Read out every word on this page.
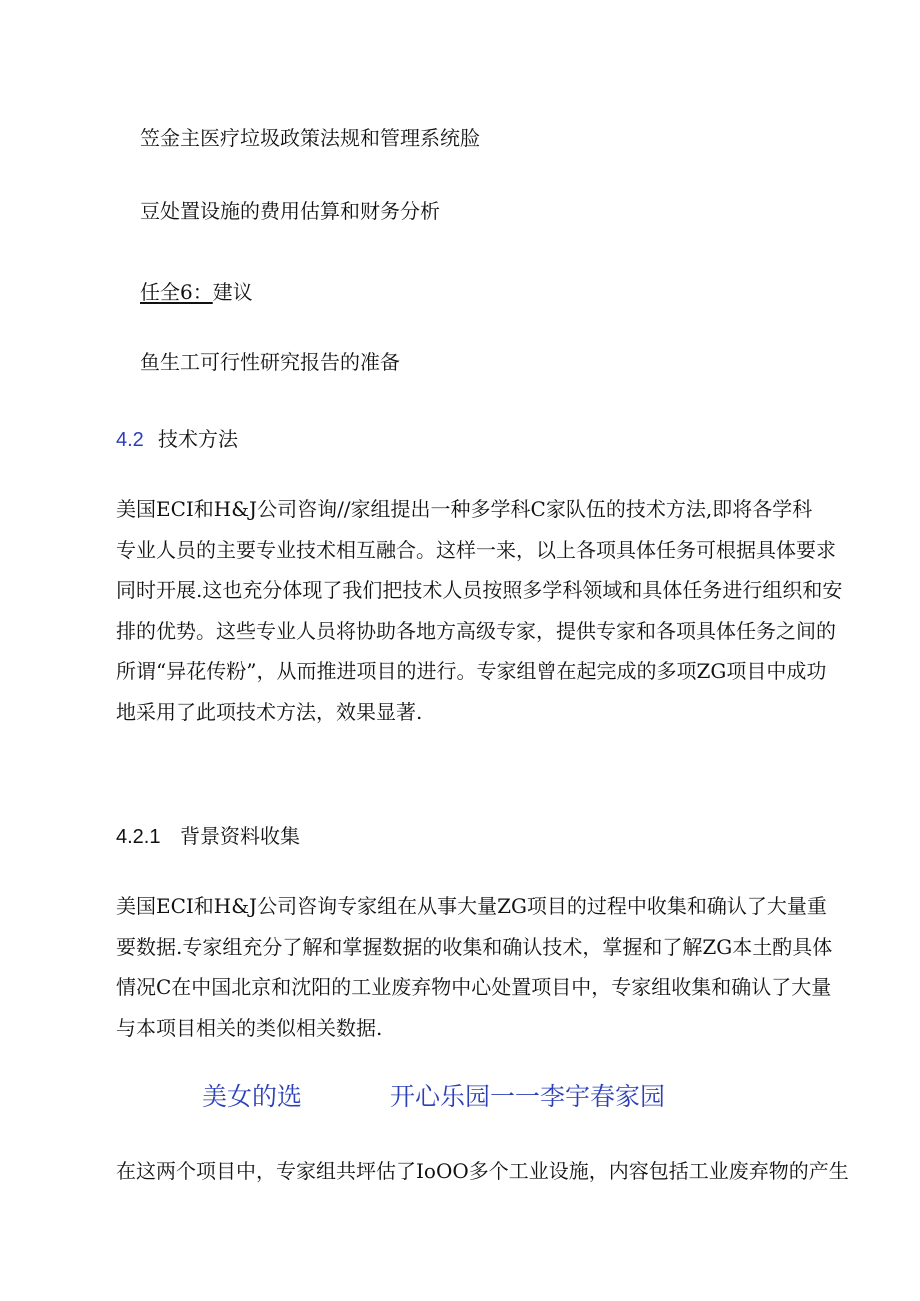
笠金主医疗垃圾政策法规和管理系统脸

豆处置设施的费用估算和财务分析

任全6：建议

鱼生工可行性研究报告的准备

4.2 技术方法

美国ECI和H&J公司咨询//家组提出一种多学科C家队伍的技术方法,即将各学科

专业人员的主要专业技术相互融合。这样一来，以上各项具体任务可根据具体要求

同时开展.这也充分体现了我们把技术人员按照多学科领域和具体任务进行组织和安

排的优势。这些专业人员将协助各地方高级专家，提供专家和各项具体任务之间的

所谓“异花传粉”，从而推进项目的进行。专家组曾在起完成的多项ZG项目中成功

地采用了此项技术方法，效果显著.

4.2.1 背景资料收集

美国ECI和H&J公司咨询专家组在从事大量ZG项目的过程中收集和确认了大量重

要数据.专家组充分了解和掌握数据的收集和确认技术，掌握和了解ZG本土酌具体

情况C在中国北京和沈阳的工业废弃物中心处置项目中，专家组收集和确认了大量

与本项目相关的类似相关数据.

美女的选	开心乐园一一李宇春家园

在这两个项目中，专家组共坪估了IoOO多个工业设施，内容包括工业废弃物的产生
